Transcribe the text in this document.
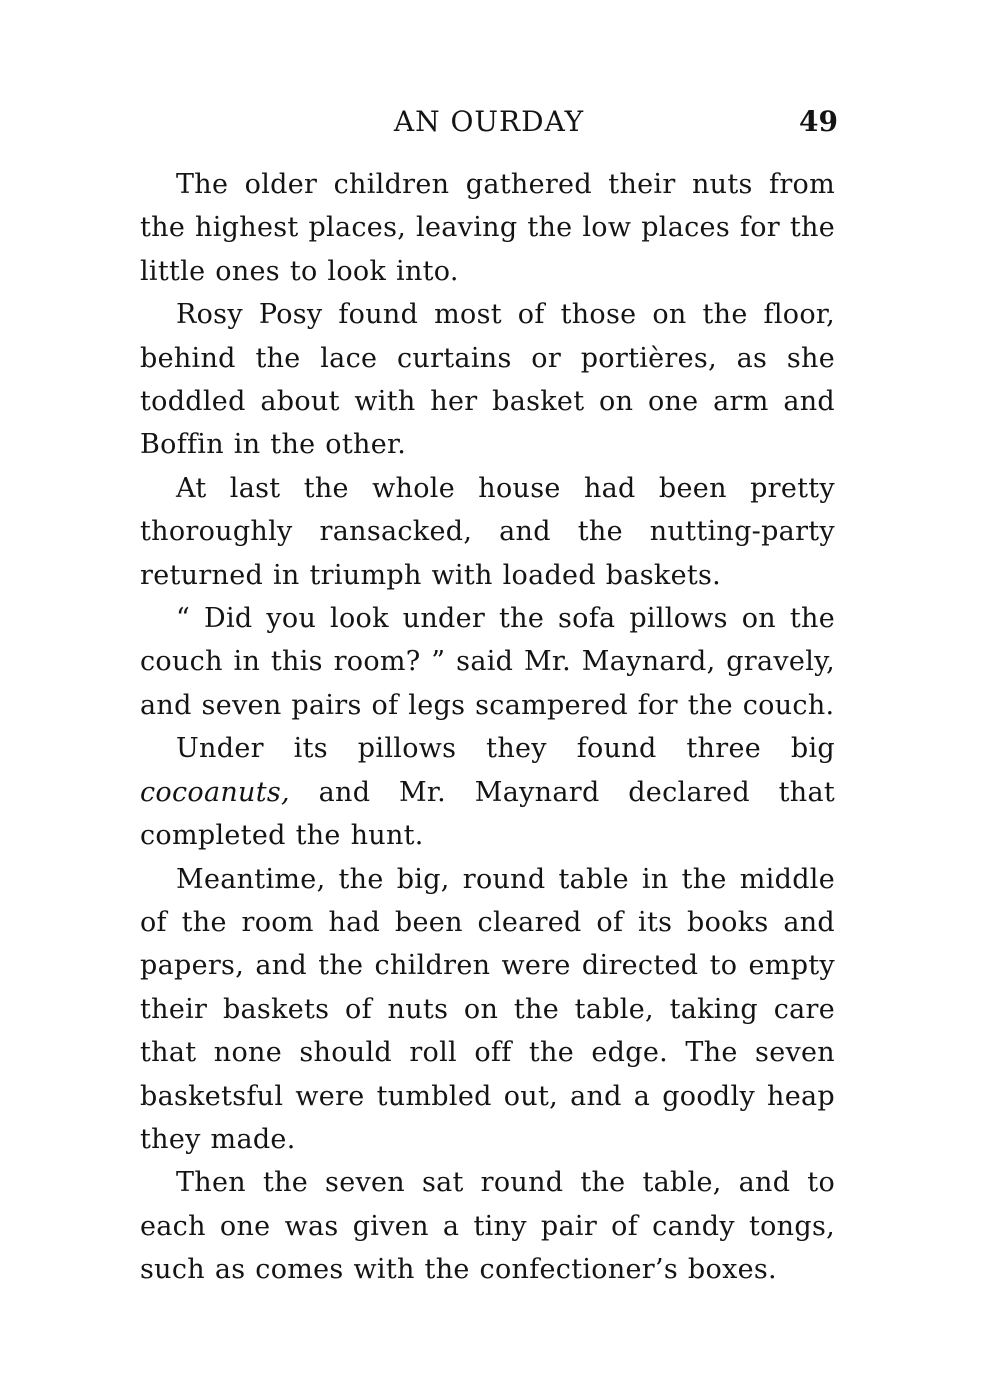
AN OURDAY	49

The older children gathered their nuts from the highest places, leaving the low places for the little ones to look into.

Rosy Posy found most of those on the floor, behind the lace curtains or portières, as she toddled about with her basket on one arm and Boffin in the other.

At last the whole house had been pretty thoroughly ransacked, and the nutting-party returned in triumph with loaded baskets.

“ Did you look under the sofa pillows on the couch in this room? ” said Mr. Maynard, gravely, and seven pairs of legs scampered for the couch.

Under its pillows they found three big cocoanuts, and Mr. Maynard declared that completed the hunt.

Meantime, the big, round table in the middle of the room had been cleared of its books and papers, and the children were directed to empty their baskets of nuts on the table, taking care that none should roll off the edge. The seven basketsful were tumbled out, and a goodly heap they made.

Then the seven sat round the table, and to each one was given a tiny pair of candy tongs, such as comes with the confectioner’s boxes.
